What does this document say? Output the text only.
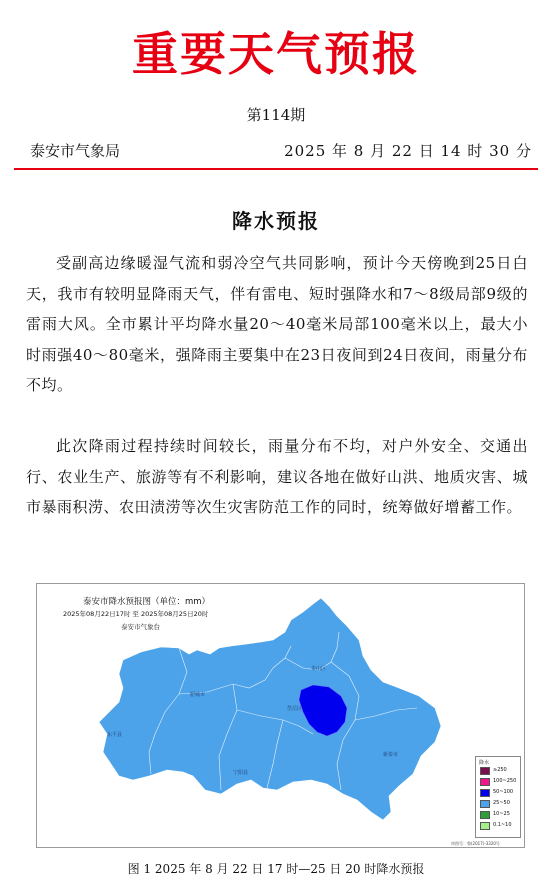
重要天气预报
第114期
泰安市气象局	2025 年 8 月 22 日 14 时 30 分
降水预报

受副高边缘暖湿气流和弱冷空气共同影响，预计今天傍晚到25日白天，我市有较明显降雨天气，伴有雷电、短时强降水和7～8级局部9级的雷雨大风。全市累计平均降水量20～40毫米局部100毫米以上，最大小时雨强40～80毫米，强降雨主要集中在23日夜间到24日夜间，雨量分布不均。

此次降雨过程持续时间较长，雨量分布不均，对户外安全、交通出行、农业生产、旅游等有不利影响，建议各地在做好山洪、地质灾害、城市暴雨积涝、农田渍涝等次生灾害防范工作的同时，统筹做好增蓄工作。

肥城市
东平县
宁阳县
泰山区
岱岳区
新泰市
泰安市降水预报图（单位：mm）
2025年08月22日17时 至 2025年08月25日20时
泰安市气象台
降水
≥250
100~250
50~100
25~50
10~25
0.1~10
审图号：鲁(2017)-3320号
图 1 2025 年 8 月 22 日 17 时—25 日 20 时降水预报
